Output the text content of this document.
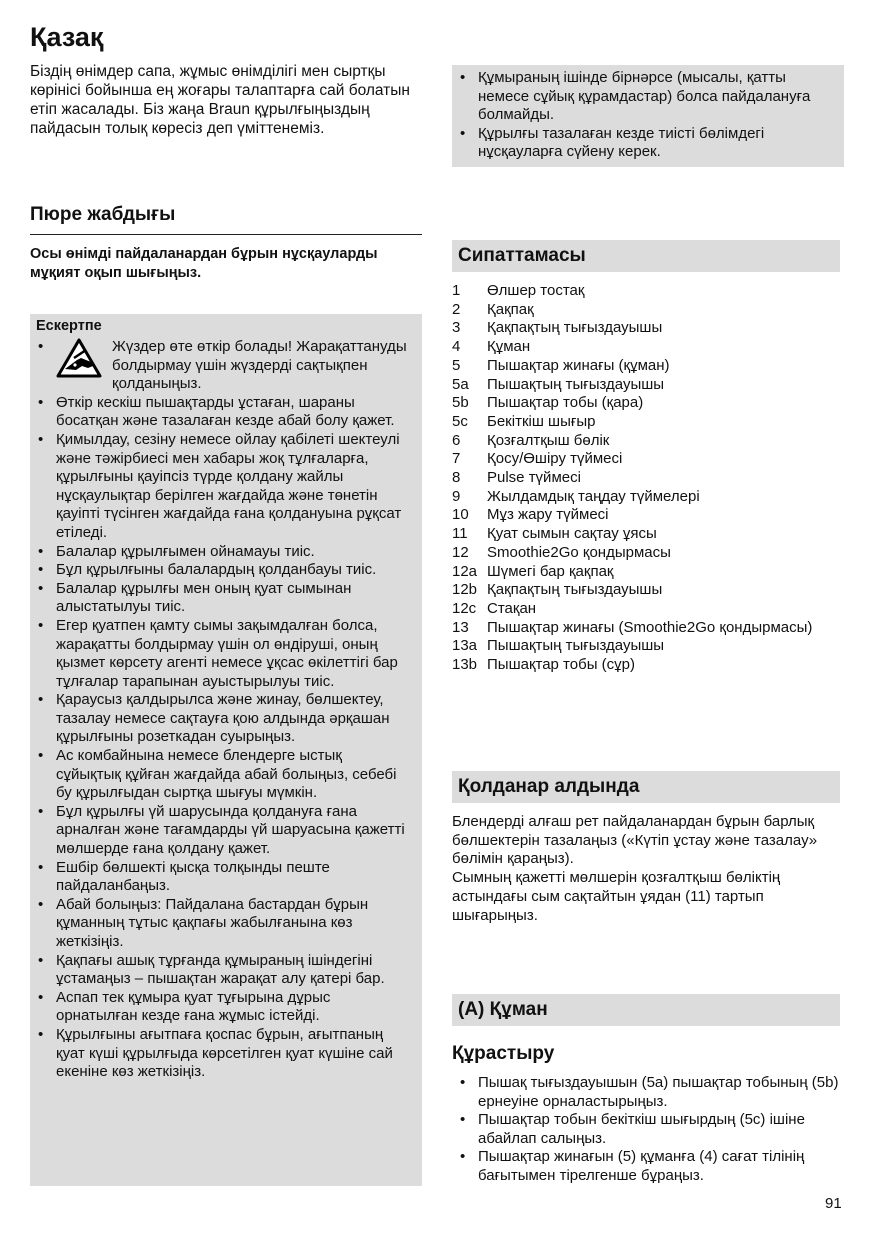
Қазақ
Біздің өнімдер сапа, жұмыс өнімділігі мен сыртқы көрінісі бойынша ең жоғары талаптарға сай болатын етіп жасалады. Біз жаңа Braun құрылғыңыздың пайдасын толық көресіз деп үміттенеміз.
Пюре жабдығы
Осы өнімді пайдаланардан бұрын нұсқауларды мұқият оқып шығыңыз.
Ескертпе
• Жүздер өте өткір болады! Жарақаттануды болдырмау үшін жүздерді сақтықпен қолданыңыз.
• Өткір кескіш пышақтарды ұстаған, шараны босатқан және тазалаған кезде абай болу қажет.
• Қимылдау, сезіну немесе ойлау қабілеті шектеулі және тәжірбиесі мен хабары жоқ тұлғаларға, құрылғыны қауіпсіз түрде қолдану жайлы нұсқаулықтар берілген жағдайда және төнетін қауіпті түсінген жағдайда ғана қолдануына рұқсат етіледі.
• Балалар құрылғымен ойнамауы тиіс.
• Бұл құрылғыны балалардың қолданбауы тиіс.
• Балалар құрылғы мен оның қуат сымынан алыстатылуы тиіс.
• Егер қуатпен қамту сымы зақымдалған болса, жарақатты болдырмау үшін ол өндіруші, оның қызмет көрсету агенті немесе ұқсас өкілеттігі бар тұлғалар тарапынан ауыстырылуы тиіс.
• Қараусыз қалдырылса және жинау, бөлшектеу, тазалау немесе сақтауға қою алдында әрқашан құрылғыны розеткадан суырыңыз.
• Ас комбайнына немесе блендерге ыстық сұйықтық құйған жағдайда абай болыңыз, себебі бу құрылғыдан сыртқа шығуы мүмкін.
• Бұл құрылғы үй шарусында қолдануға ғана арналған және тағамдарды үй шаруасына қажетті мөлшерде ғана қолдану қажет.
• Ешбір бөлшекті қысқа толқынды пеште пайдаланбаңыз.
• Абай болыңыз: Пайдалана бастардан бұрын құманның тұтыс қақпағы жабылғанына көз жеткізіңіз.
• Қақпағы ашық тұрғанда құмыраның ішіндегіні ұстамаңыз – пышақтан жарақат алу қатері бар.
• Аспап тек құмыра қуат тұғырына дұрыс орнатылған кезде ғана жұмыс істейді.
• Құрылғыны ағытпаға қоспас бұрын, ағытпаның қуат күші құрылғыда көрсетілген қуат күшіне сай екеніне көз жеткізіңіз.
• Құмыраның ішінде бірнәрсе (мысалы, қатты немесе сұйық құрамдастар) болса пайдалануға болмайды.
• Құрылғы тазалаған кезде тиісті бөлімдегі нұсқауларға сүйену керек.
Сипаттамасы
1	Өлшер тостақ
2	Қақпақ
3	Қақпақтың тығыздауышы
4	Құман
5	Пышақтар жинағы (құман)
5a	Пышақтың тығыздауышы
5b	Пышақтар тобы (қара)
5c	Бекіткіш шығыр
6	Қозғалтқыш бөлік
7	Қосу/Өшіру түймесі
8	Pulse түймесі
9	Жылдамдық таңдау түймелері
10	Мұз жару түймесі
11	Қуат сымын сақтау ұясы
12	Smoothie2Go қондырмасы
12a Шүмегі бар қақпақ
12b Қақпақтың тығыздауышы
12c Стақан
13	Пышақтар жинағы (Smoothie2Go қондырмасы)
13a Пышақтың тығыздауышы
13b Пышақтар тобы (сұр)
Қолданар алдында
Блендерді алғаш рет пайдаланардан бұрын барлық бөлшектерін тазалаңыз («Күтіп ұстау және тазалау» бөлімін қараңыз).
Сымның қажетті мөлшерін қозғалтқыш бөліктің астындағы сым сақтайтын ұядан (11) тартып шығарыңыз.
(A) Құман
Құрастыру
• Пышақ тығыздауышын (5a) пышақтар тобының (5b) ернеуіне орналастырыңыз.
• Пышақтар тобын бекіткіш шығырдың (5c) ішіне абайлап салыңыз.
• Пышақтар жинағын (5) құманға (4) сағат тілінің бағытымен тірелгенше бұраңыз.
91
